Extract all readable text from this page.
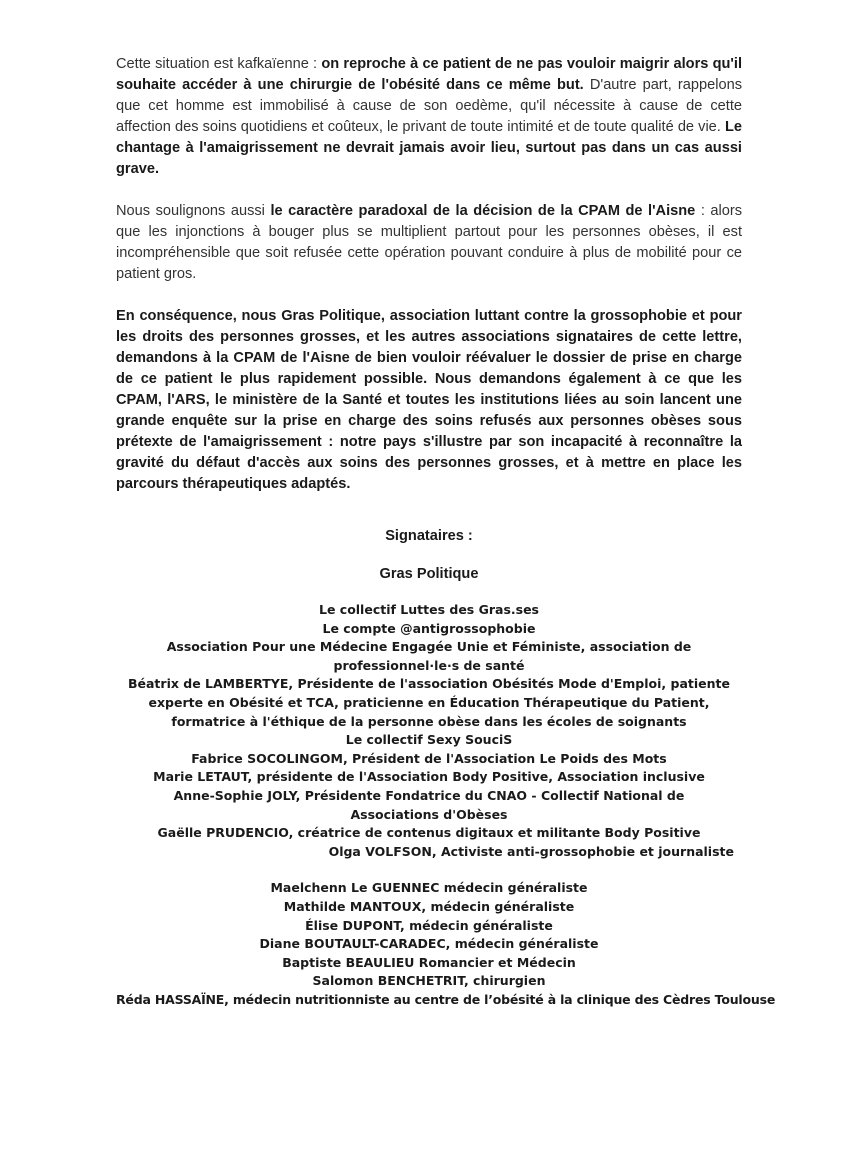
Cette situation est kafkaïenne : on reproche à ce patient de ne pas vouloir maigrir alors qu'il souhaite accéder à une chirurgie de l'obésité dans ce même but. D'autre part, rappelons que cet homme est immobilisé à cause de son oedème, qu'il nécessite à cause de cette affection des soins quotidiens et coûteux, le privant de toute intimité et de toute qualité de vie. Le chantage à l'amaigrissement ne devrait jamais avoir lieu, surtout pas dans un cas aussi grave.

Nous soulignons aussi le caractère paradoxal de la décision de la CPAM de l'Aisne : alors que les injonctions à bouger plus se multiplient partout pour les personnes obèses, il est incompréhensible que soit refusée cette opération pouvant conduire à plus de mobilité pour ce patient gros.

En conséquence, nous Gras Politique, association luttant contre la grossophobie et pour les droits des personnes grosses, et les autres associations signataires de cette lettre, demandons à la CPAM de l'Aisne de bien vouloir réévaluer le dossier de prise en charge de ce patient le plus rapidement possible. Nous demandons également à ce que les CPAM, l'ARS, le ministère de la Santé et toutes les institutions liées au soin lancent une grande enquête sur la prise en charge des soins refusés aux personnes obèses sous prétexte de l'amaigrissement : notre pays s'illustre par son incapacité à reconnaître la gravité du défaut d'accès aux soins des personnes grosses, et à mettre en place les parcours thérapeutiques adaptés.

Signataires :
Gras Politique
Le collectif Luttes des Gras.ses
Le compte @antigrossophobie
Association Pour une Médecine Engagée Unie et Féministe, association de professionnel·le·s de santé
Béatrix de LAMBERTYE, Présidente de l'association Obésités Mode d'Emploi, patiente experte en Obésité et TCA, praticienne en Éducation Thérapeutique du Patient, formatrice à l'éthique de la personne obèse dans les écoles de soignants
Le collectif Sexy SouciS
Fabrice SOCOLINGOM, Président de l'Association Le Poids des Mots
Marie LETAUT, présidente de l'Association Body Positive, Association inclusive
Anne-Sophie JOLY, Présidente Fondatrice du CNAO - Collectif National de Associations d'Obèses
Gaëlle PRUDENCIO, créatrice de contenus digitaux et militante Body Positive
Olga VOLFSON, Activiste anti-grossophobie et journaliste
Maelchenn Le GUENNEC médecin généraliste
Mathilde MANTOUX, médecin généraliste
Élise DUPONT, médecin généraliste
Diane BOUTAULT-CARADEC, médecin généraliste
Baptiste BEAULIEU Romancier et Médecin
Salomon BENCHETRIT, chirurgien
Réda HASSAÏNE, médecin nutritionniste au centre de l’obésité à la clinique des Cèdres Toulouse
